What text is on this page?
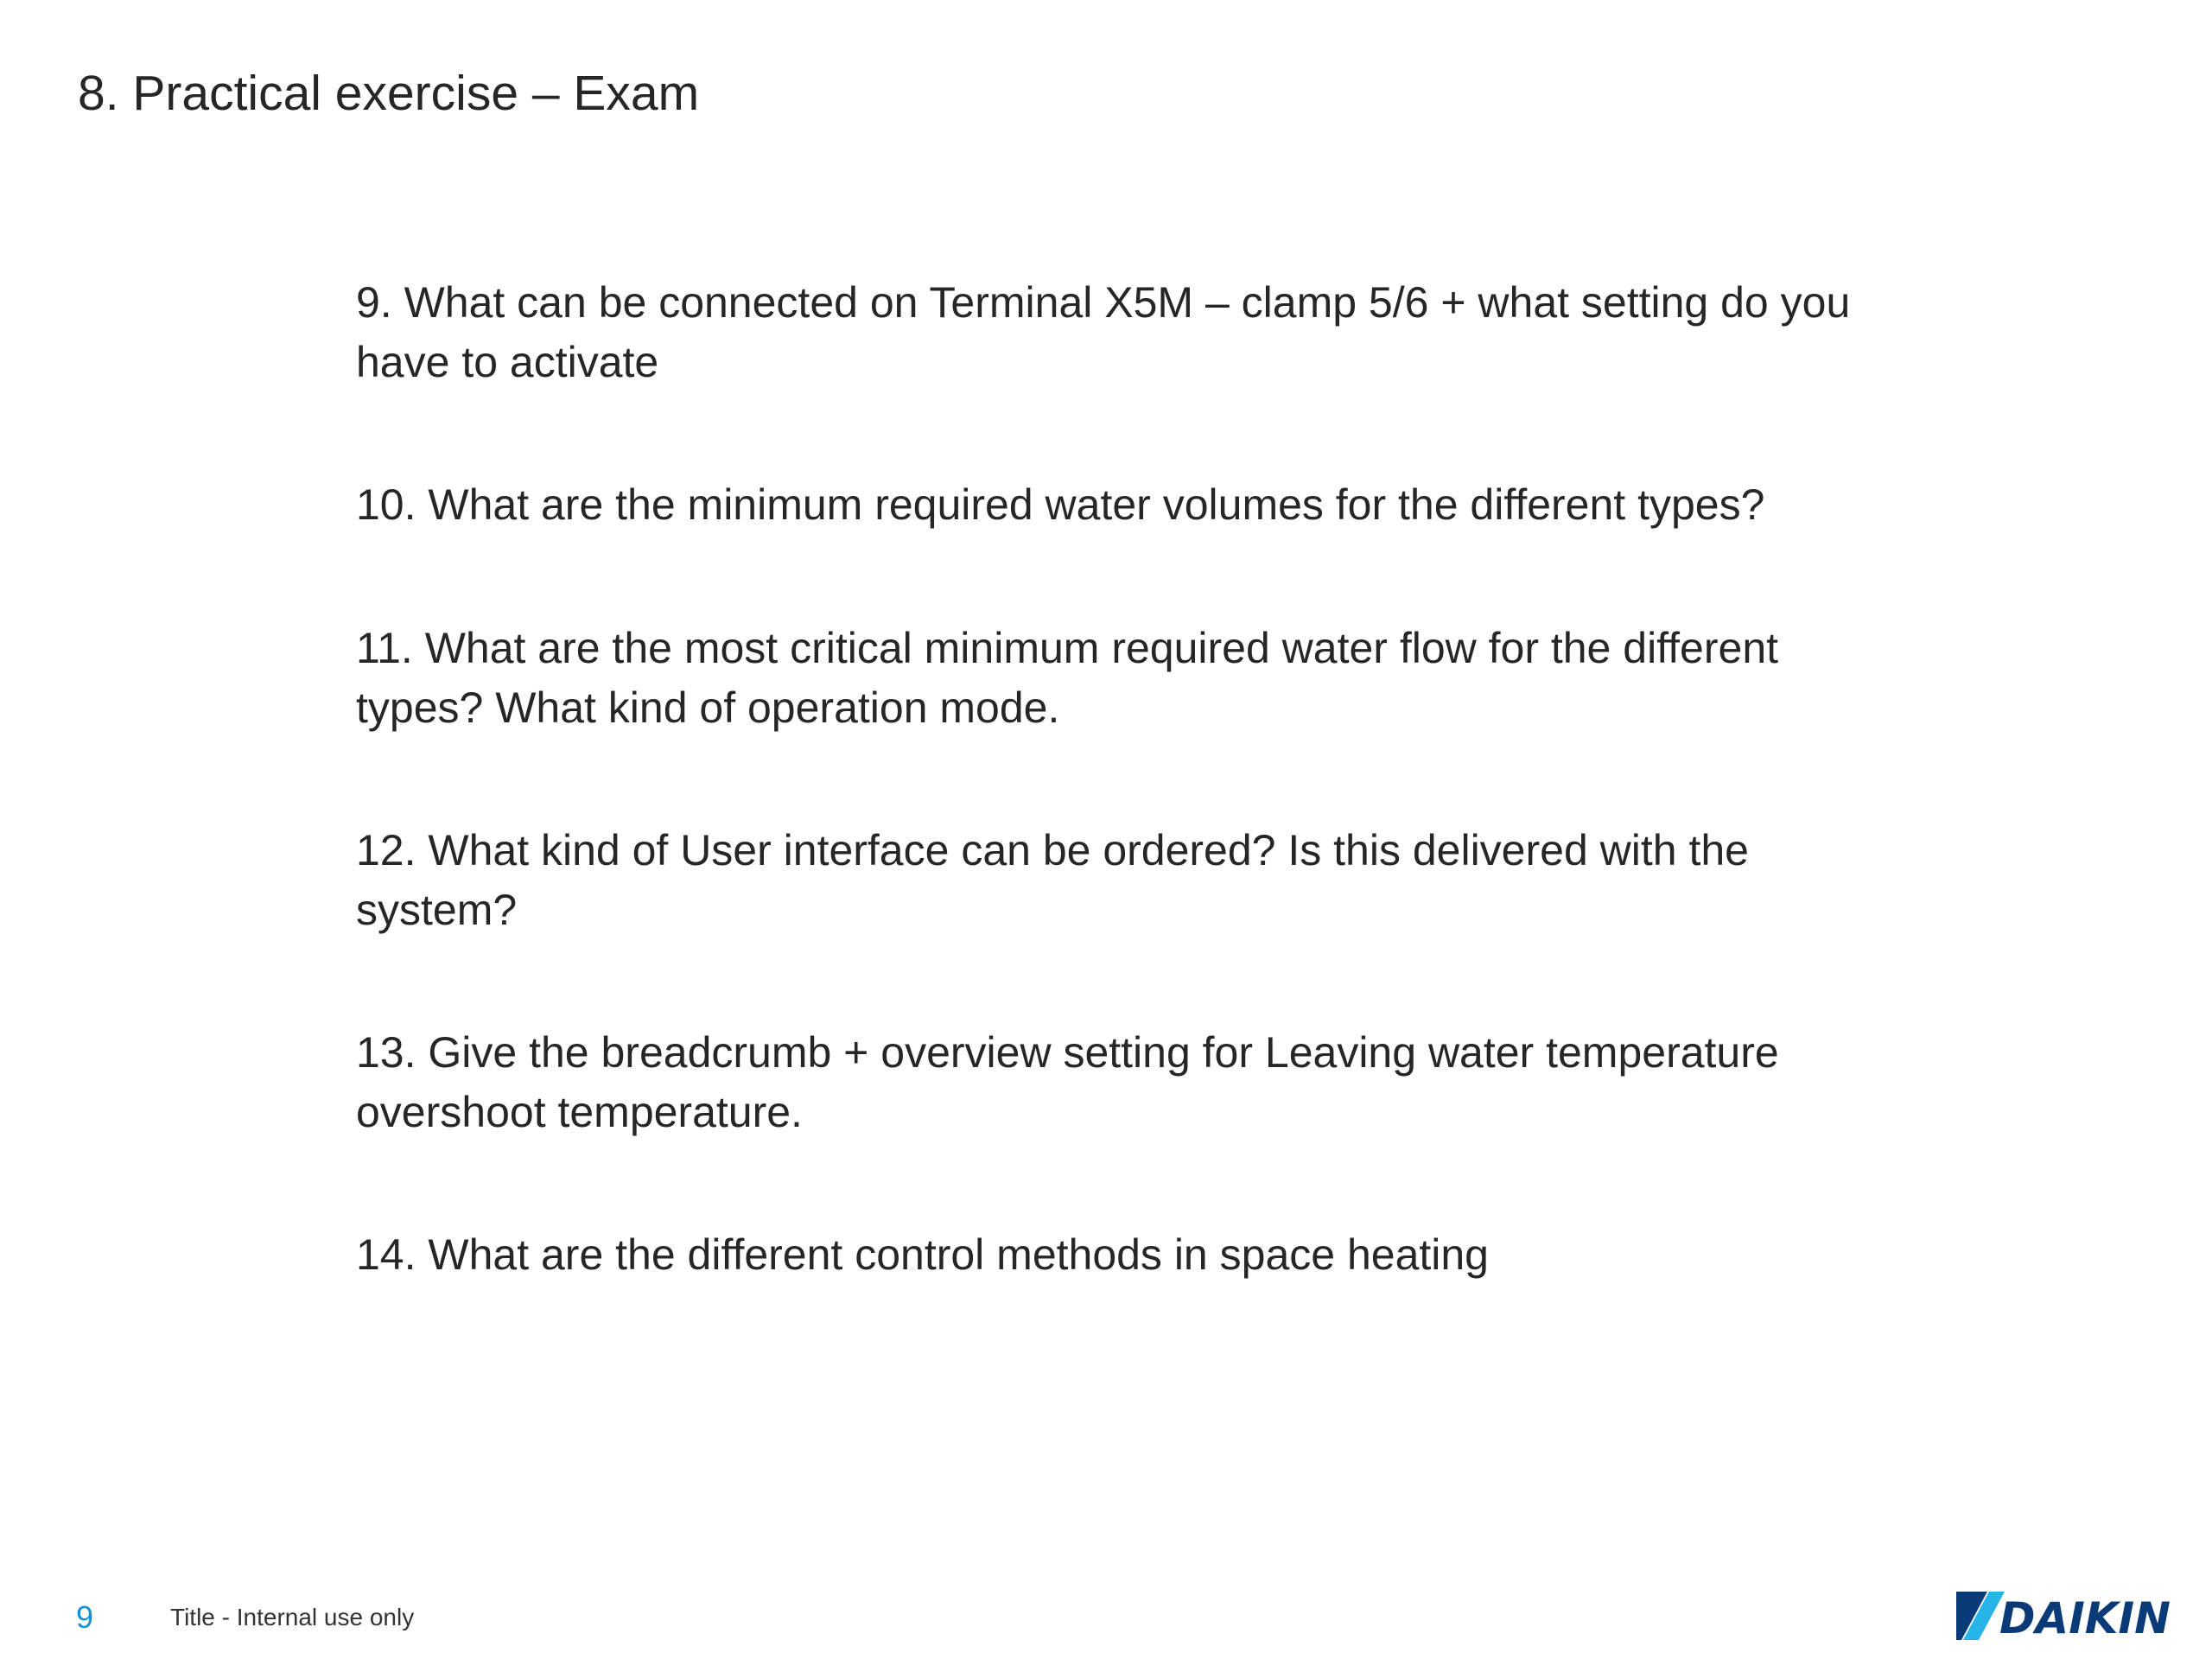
8. Practical exercise – Exam
9. What can be connected on Terminal X5M – clamp 5/6 + what setting do you have to activate
10. What are the minimum required water volumes for the different types?
11. What are the most critical minimum required water flow for the different types? What kind of operation mode.
12. What kind of User interface can be ordered? Is this delivered with the system?
13. Give the breadcrumb + overview setting for Leaving water temperature overshoot temperature.
14. What are the different control methods in space heating
9	Title - Internal use only	DAIKIN
